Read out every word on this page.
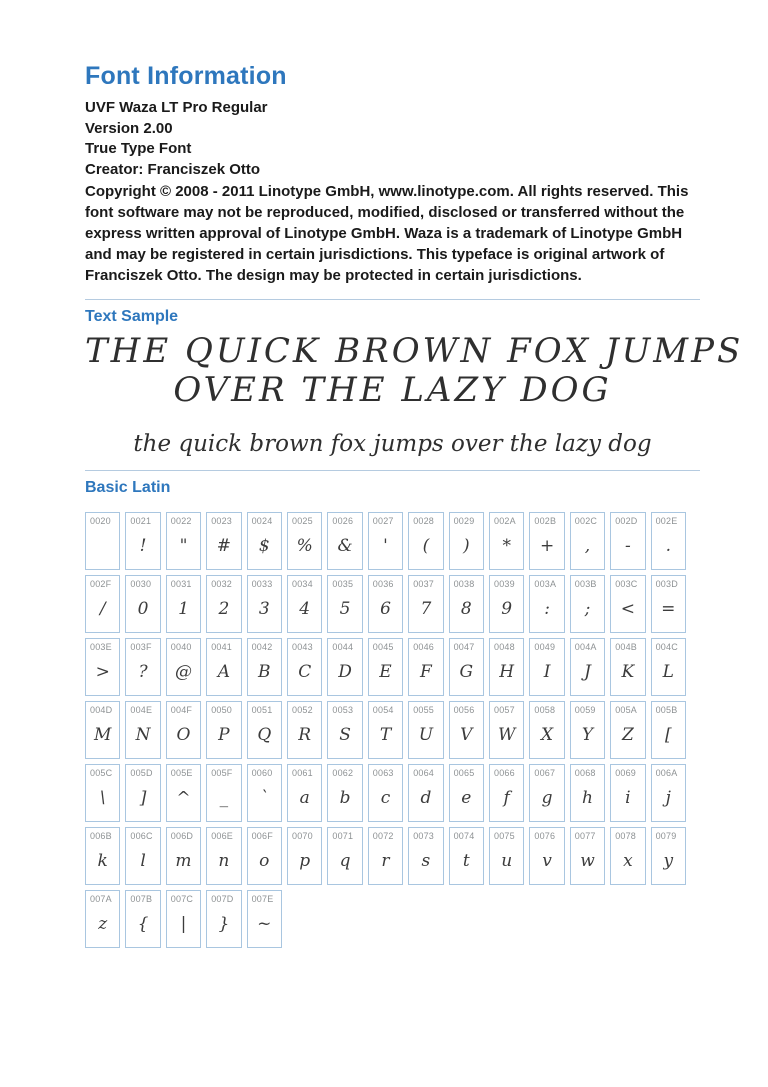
Font Information
UVF Waza LT Pro Regular
Version 2.00
True Type Font
Creator: Franciszek Otto

Copyright © 2008 - 2011 Linotype GmbH, www.linotype.com. All rights reserved. This font software may not be reproduced, modified, disclosed or transferred without the express written approval of Linotype GmbH. Waza is a trademark of Linotype GmbH and may be registered in certain jurisdictions. This typeface is original artwork of Franciszek Otto. The design may be protected in certain jurisdictions.

Text Sample
THE QUICK BROWN FOX JUMPS
OVER THE LAZY DOG
the quick brown fox jumps over the lazy dog
Basic Latin
0020 0021
!
0022
"
0023
#
0024
$
0025
%
0026
&
0027
'
0028
(
0029
)
002A
*
002B
+
002C
,
002D
-
002E
.
002F
/
0030
0
0031
1
0032
2
0033
3
0034
4
0035
5
0036
6
0037
7
0038
8
0039
9
003A
:
003B
;
003C
<
003D
=
003E
>
003F
?
0040
@
0041
A
0042
B
0043
C
0044
D
0045
E
0046
F
0047
G
0048
H
0049
I
004A
J
004B
K
004C
L
004D
M
004E
N
004F
O
0050
P
0051
Q
0052
R
0053
S
0054
T
0055
U
0056
V
0057
W
0058
X
0059
Y
005A
Z
005B
[
005C
\
005D
]
005E
^
005F
_
0060
`
0061
a
0062
b
0063
c
0064
d
0065
e
0066
f
0067
g
0068
h
0069
i
006A
j
006B
k
006C
l
006D
m
006E
n
006F
o
0070
p
0071
q
0072
r
0073
s
0074
t
0075
u
0076
v
0077
w
0078
x
0079
y
007A
z
007B
{
007C
|
007D
}
007E
~
